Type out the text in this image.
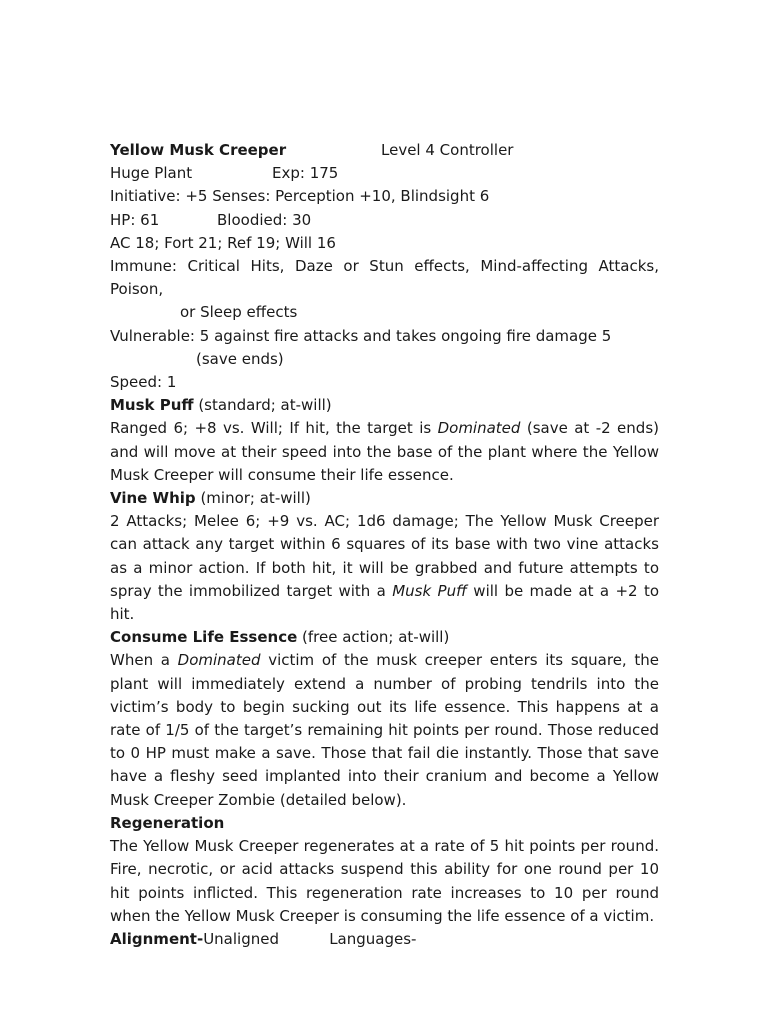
Yellow Musk Creeper	Level 4 Controller
Huge Plant	Exp: 175
Initiative: +5 Senses: Perception +10, Blindsight 6
HP: 61	Bloodied: 30
AC 18; Fort 21; Ref 19; Will 16
Immune: Critical Hits, Daze or Stun effects, Mind-affecting Attacks, Poison,
or Sleep effects
Vulnerable: 5 against fire attacks and takes ongoing fire damage 5
(save ends)
Speed: 1
Musk Puff (standard; at-will)
Ranged 6; +8 vs. Will; If hit, the target is Dominated (save at -2 ends) and will move at their speed into the base of the plant where the Yellow Musk Creeper will consume their life essence.
Vine Whip (minor; at-will)
2 Attacks; Melee 6; +9 vs. AC; 1d6 damage; The Yellow Musk Creeper can attack any target within 6 squares of its base with two vine attacks as a minor action. If both hit, it will be grabbed and future attempts to spray the immobilized target with a Musk Puff will be made at a +2 to hit.
Consume Life Essence (free action; at-will)
When a Dominated victim of the musk creeper enters its square, the plant will immediately extend a number of probing tendrils into the victim’s body to begin sucking out its life essence. This happens at a rate of 1/5 of the target’s remaining hit points per round. Those reduced to 0 HP must make a save. Those that fail die instantly. Those that save have a fleshy seed implanted into their cranium and become a Yellow Musk Creeper Zombie (detailed below).
Regeneration
The Yellow Musk Creeper regenerates at a rate of 5 hit points per round. Fire, necrotic, or acid attacks suspend this ability for one round per 10 hit points inflicted. This regeneration rate increases to 10 per round when the Yellow Musk Creeper is consuming the life essence of a victim.
Alignment-Unaligned	Languages-
